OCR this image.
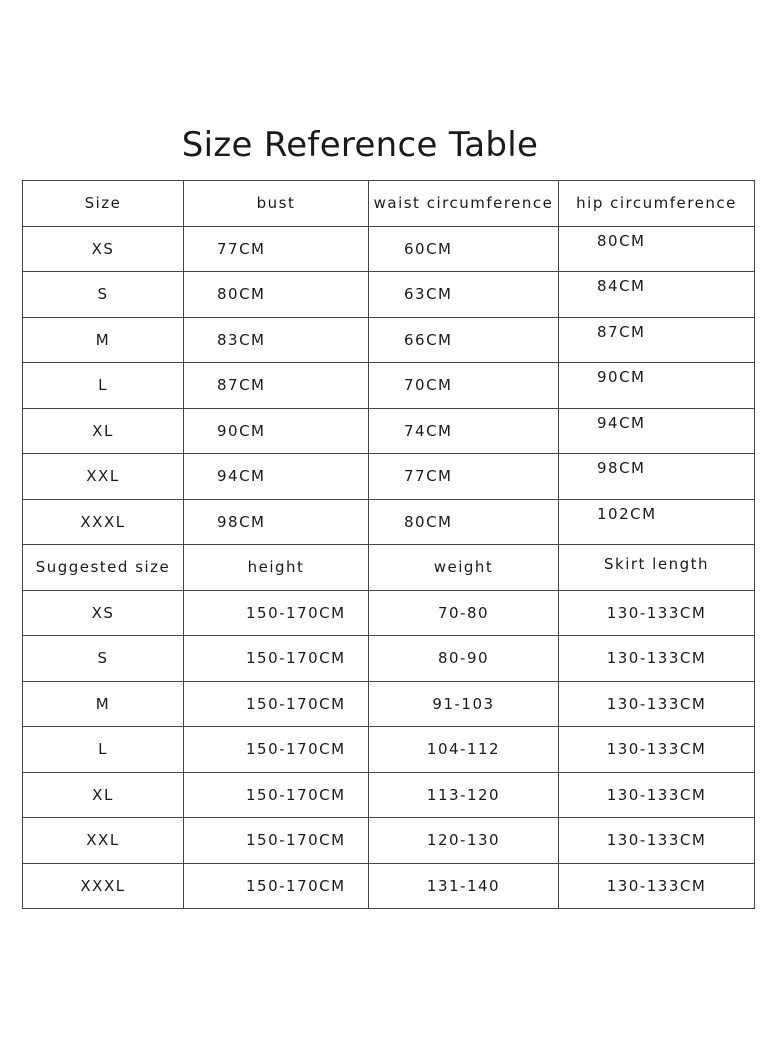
Size Reference Table
Size	bust	waist circumference	hip circumference
XS	77CM	60CM	80CM
S	80CM	63CM	84CM
M	83CM	66CM	87CM
L	87CM	70CM	90CM
XL	90CM	74CM	94CM
XXL	94CM	77CM	98CM
XXXL	98CM	80CM	102CM
Suggested size	height	weight	Skirt length
XS	150-170CM	70-80	130-133CM
S	150-170CM	80-90	130-133CM
M	150-170CM	91-103	130-133CM
L	150-170CM	104-112	130-133CM
XL	150-170CM	113-120	130-133CM
XXL	150-170CM	120-130	130-133CM
XXXL	150-170CM	131-140	130-133CM
